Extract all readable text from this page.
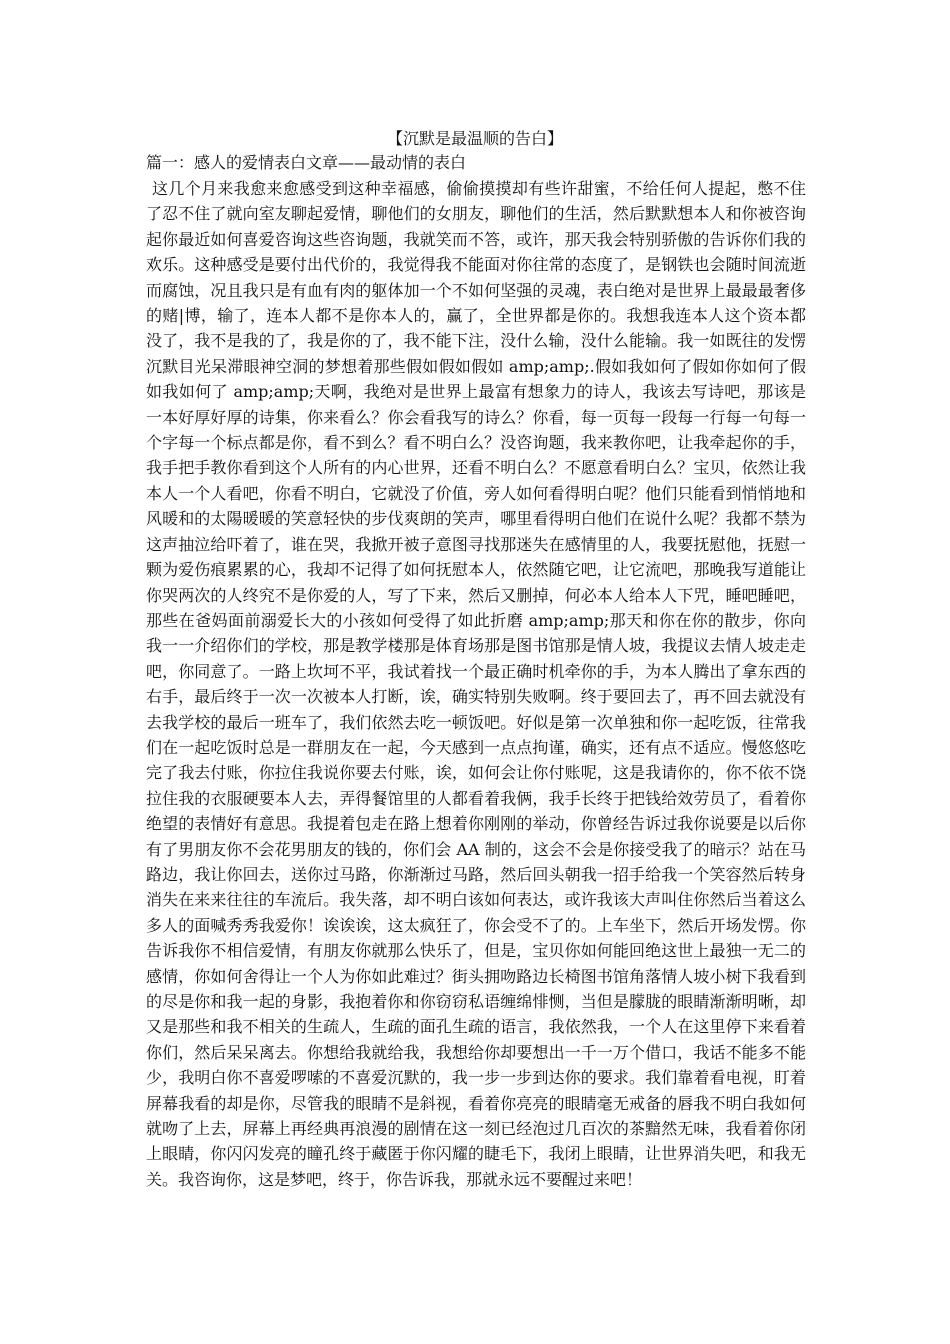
【沉默是最温顺的告白】
篇一：感人的爱情表白文章——最动情的表白

这几个月来我愈来愈感受到这种幸福感，偷偷摸摸却有些许甜蜜，不给任何人提起，憋不住了忍不住了就向室友聊起爱情，聊他们的女朋友，聊他们的生活，然后默默想本人和你被咨询起你最近如何喜爱咨询这些咨询题，我就笑而不答，或许，那天我会特别骄傲的告诉你们我的欢乐。这种感受是要付出代价的，我觉得我不能面对你往常的态度了，是钢铁也会随时间流逝而腐蚀，况且我只是有血有肉的躯体加一个不如何坚强的灵魂，表白绝对是世界上最最最奢侈的赌|博，输了，连本人都不是你本人的，赢了，全世界都是你的。我想我连本人这个资本都没了，我不是我的了，我是你的了，我不能下注，没什么输，没什么能输。我一如既往的发愣沉默目光呆滞眼神空洞的梦想着那些假如假如假如 amp;amp;.假如我如何了假如你如何了假如我如何了 amp;amp;天啊，我绝对是世界上最富有想象力的诗人，我该去写诗吧，那该是一本好厚好厚的诗集，你来看么？你会看我写的诗么？你看，每一页每一段每一行每一句每一个字每一个标点都是你，看不到么？看不明白么？没咨询题，我来教你吧，让我牵起你的手，我手把手教你看到这个人所有的内心世界，还看不明白么？不愿意看明白么？宝贝，依然让我本人一个人看吧，你看不明白，它就没了价值，旁人如何看得明白呢？他们只能看到悄悄地和风暖和的太陽暖暖的笑意轻快的步伐爽朗的笑声，哪里看得明白他们在说什么呢？我都不禁为这声抽泣给吓着了，谁在哭，我掀开被子意图寻找那迷失在感情里的人，我要抚慰他，抚慰一颗为爱伤痕累累的心，我却不记得了如何抚慰本人，依然随它吧，让它流吧，那晚我写道能让你哭两次的人终究不是你爱的人，写了下来，然后又删掉，何必本人给本人下咒，睡吧睡吧，那些在爸妈面前溺爱长大的小孩如何受得了如此折磨 amp;amp;那天和你在你的散步，你向我一一介绍你们的学校，那是教学楼那是体育场那是图书馆那是情人坡，我提议去情人坡走走吧，你同意了。一路上坎坷不平，我试着找一个最正确时机牵你的手，为本人腾出了拿东西的右手，最后终于一次一次被本人打断，诶，确实特别失败啊。终于要回去了，再不回去就没有去我学校的最后一班车了，我们依然去吃一顿饭吧。好似是第一次单独和你一起吃饭，往常我们在一起吃饭时总是一群朋友在一起，今天感到一点点拘谨，确实，还有点不适应。慢悠悠吃完了我去付账，你拉住我说你要去付账，诶，如何会让你付账呢，这是我请你的，你不依不饶拉住我的衣服硬要本人去，弄得餐馆里的人都看着我俩，我手长终于把钱给效劳员了，看着你绝望的表情好有意思。我提着包走在路上想着你刚刚的举动，你曾经告诉过我你说要是以后你有了男朋友你不会花男朋友的钱的，你们会 AA 制的，这会不会是你接受我了的暗示？站在马路边，我让你回去，送你过马路，你渐渐过马路，然后回头朝我一招手给我一个笑容然后转身消失在来来往往的车流后。我失落，却不明白该如何表达，或许我该大声叫住你然后当着这么多人的面喊秀秀我爱你！诶诶诶，这太疯狂了，你会受不了的。上车坐下，然后开场发愣。你告诉我你不相信爱情，有朋友你就那么快乐了，但是，宝贝你如何能回绝这世上最独一无二的感情，你如何舍得让一个人为你如此难过？街头拥吻路边长椅图书馆角落情人坡小树下我看到的尽是你和我一起的身影，我抱着你和你窃窃私语缠绵悱恻，当但是朦胧的眼睛渐渐明晰，却又是那些和我不相关的生疏人，生疏的面孔生疏的语言，我依然我，一个人在这里停下来看着你们，然后呆呆离去。你想给我就给我，我想给你却要想出一千一万个借口，我话不能多不能少，我明白你不喜爱啰嗦的不喜爱沉默的，我一步一步到达你的要求。我们靠着看电视，盯着屏幕我看的却是你，尽管我的眼睛不是斜视，看着你亮亮的眼睛毫无戒备的唇我不明白我如何就吻了上去，屏幕上再经典再浪漫的剧情在这一刻已经泡过几百次的茶黯然无味，我看着你闭上眼睛，你闪闪发亮的瞳孔终于藏匿于你闪耀的睫毛下，我闭上眼睛，让世界消失吧，和我无关。我咨询你，这是梦吧，终于，你告诉我，那就永远不要醒过来吧！
